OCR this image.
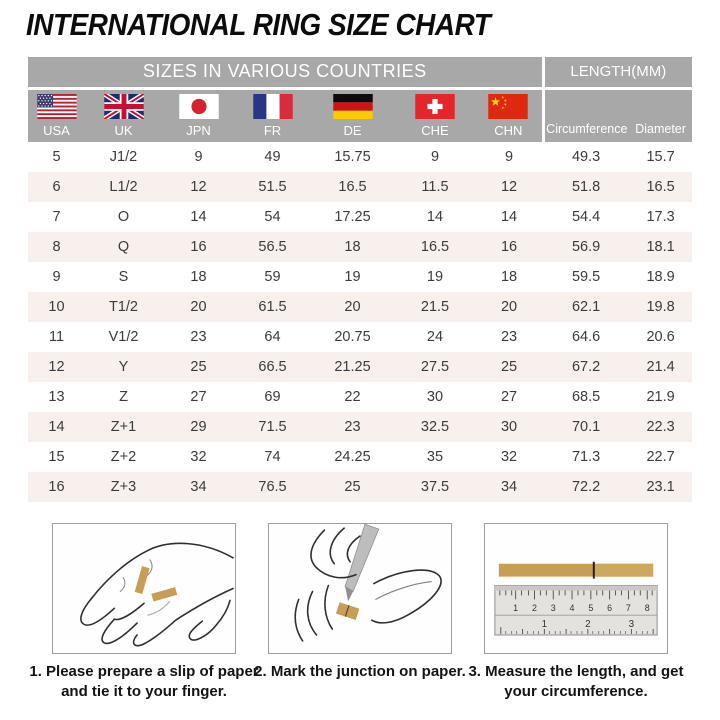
INTERNATIONAL RING SIZE CHART
SIZES IN VARIOUS COUNTRIES							LENGTH(MM)	

USA	UK	JPN	FR	DE	CHE	CHN	Circumference	Diameter

5	J1/2	9	49	15.75	9	9	49.3	15.7
6	L1/2	12	51.5	16.5	11.5	12	51.8	16.5
7	O	14	54	17.25	14	14	54.4	17.3
8	Q	16	56.5	18	16.5	16	56.9	18.1
9	S	18	59	19	19	18	59.5	18.9
10	T1/2	20	61.5	20	21.5	20	62.1	19.8
11	V1/2	23	64	20.75	24	23	64.6	20.6
12	Y	25	66.5	21.25	27.5	25	67.2	21.4
13	Z	27	69	22	30	27	68.5	21.9
14	Z+1	29	71.5	23	32.5	30	70.1	22.3
15	Z+2	32	74	24.25	35	32	71.3	22.7
16	Z+3	34	76.5	25	37.5	34	72.2	23.1
1. Please prepare a slip of paper and tie it to your finger.
2. Mark the junction on paper.
1 2 3 4 5 6 7 8
1	2	3
3. Measure the length, and get your circumference.
